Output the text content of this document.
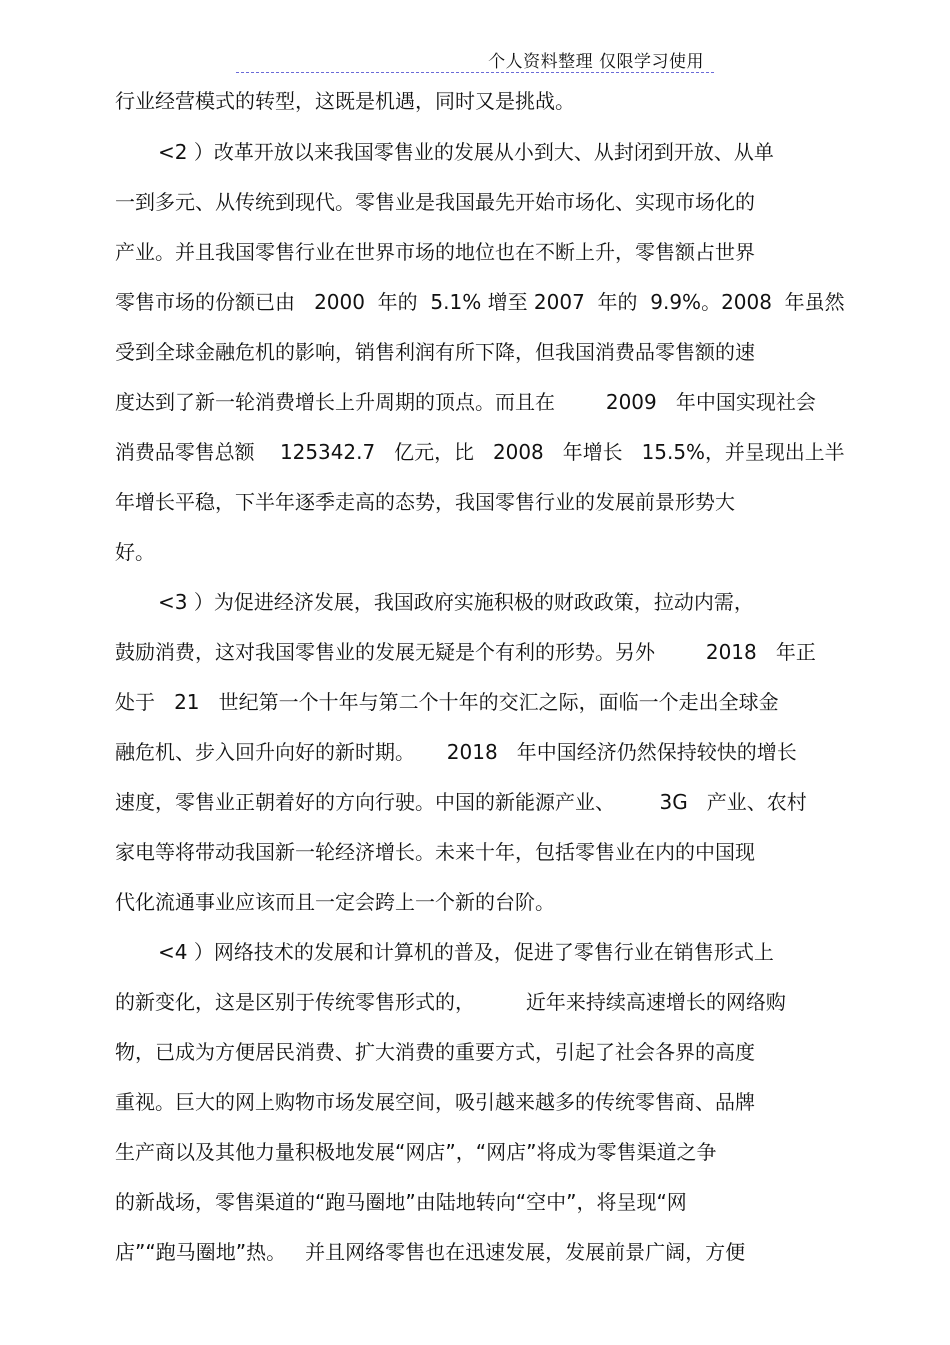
个人资料整理 仅限学习使用
行业经营模式的转型，这既是机遇，同时又是挑战。
<2 ）改革开放以来我国零售业的发展从小到大、从封闭到开放、从单
一到多元、从传统到现代。零售业是我国最先开始市场化、实现市场化的
产业。并且我国零售行业在世界市场的地位也在不断上升，零售额占世界
零售市场的份额已由   2000  年的  5.1% 增至 2007  年的  9.9%。2008  年虽然
受到全球金融危机的影响，销售利润有所下降，但我国消费品零售额的速
度达到了新一轮消费增长上升周期的顶点。而且在        2009   年中国实现社会
消费品零售总额    125342.7   亿元，比   2008   年增长   15.5%，并呈现出上半
年增长平稳，下半年逐季走高的态势，我国零售行业的发展前景形势大
好。
<3 ）为促进经济发展，我国政府实施积极的财政政策，拉动内需，
鼓励消费，这对我国零售业的发展无疑是个有利的形势。另外        2018   年正
处于   21   世纪第一个十年与第二个十年的交汇之际，面临一个走出全球金
融危机、步入回升向好的新时期。     2018   年中国经济仍然保持较快的增长
速度，零售业正朝着好的方向行驶。中国的新能源产业、       3G   产业、农村
家电等将带动我国新一轮经济增长。未来十年，包括零售业在内的中国现
代化流通事业应该而且一定会跨上一个新的台阶。
<4 ）网络技术的发展和计算机的普及，促进了零售行业在销售形式上
的新变化，这是区别于传统零售形式的，        近年来持续高速增长的网络购
物，已成为方便居民消费、扩大消费的重要方式，引起了社会各界的高度
重视。巨大的网上购物市场发展空间，吸引越来越多的传统零售商、品牌
生产商以及其他力量积极地发展“网店”，“网店”将成为零售渠道之争
的新战场，零售渠道的“跑马圈地”由陆地转向“空中”，将呈现“网
店”“跑马圈地”热。   并且网络零售也在迅速发展，发展前景广阔，方便
